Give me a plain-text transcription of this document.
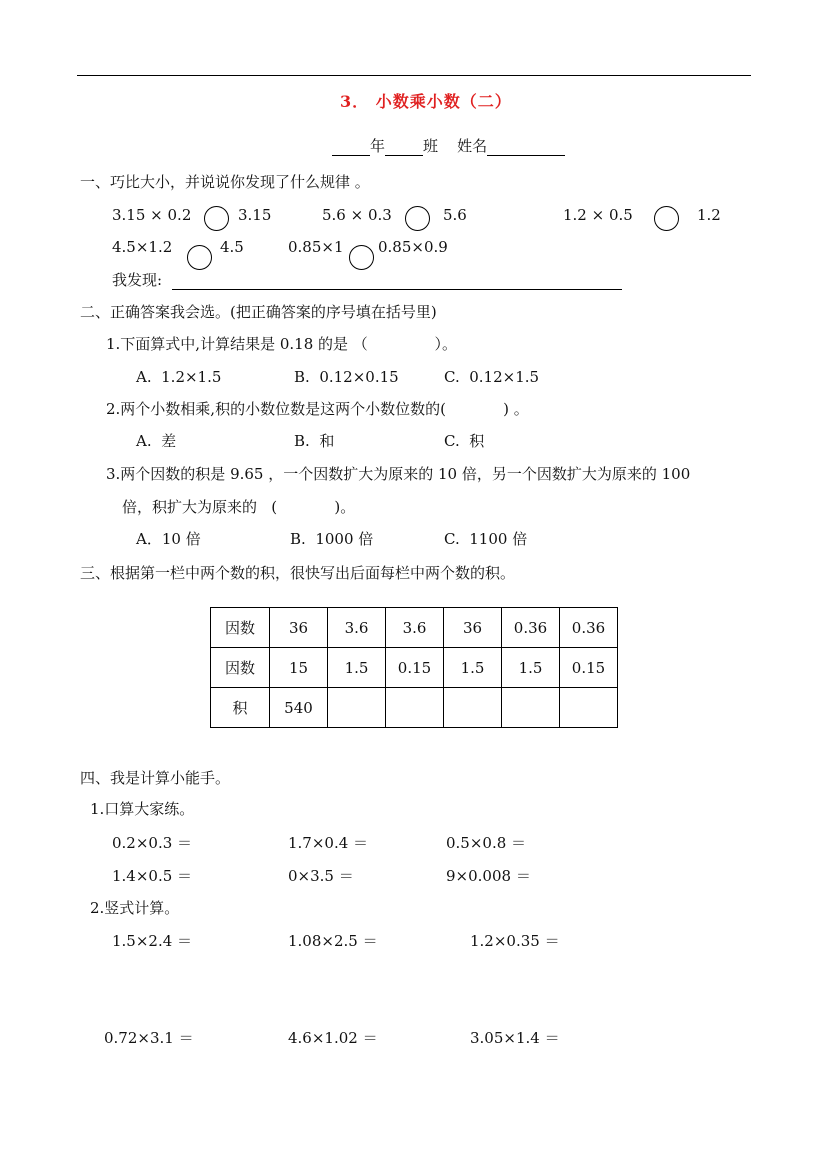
3． 小数乘小数（二）
年	班 姓名
一、巧比大小，并说说你发现了什么规律 。
3.15 × 0.2	3.15	5.6 × 0.3	5.6	1.2 × 0.5	1.2
4.5×1.2	4.5	0.85×1 0.85×0.9
我发现:
二、正确答案我会选。(把正确答案的序号填在括号里)
1.下面算式中,计算结果是 0.18 的是 （              ）。
A.  1.2×1.5	B.  0.12×0.15	C.  0.12×1.5
2.两个小数相乘,积的小数位数是这两个小数位数的(            ) 。
A.  差	B.  和	C.  积
3.两个因数的积是 9.65 ，一个因数扩大为原来的 10 倍，另一个因数扩大为原来的 100
倍，积扩大为原来的   (            )。
A．10 倍	B.  1000 倍	C.  1100 倍
三、根据第一栏中两个数的积，很快写出后面每栏中两个数的积。
因数	36	3.6	3.6	36	0.36	0.36
因数	15	1.5	0.15	1.5	1.5	0.15
积	540					
四、我是计算小能手。
1.口算大家练。
0.2×0.3 ＝	1.7×0.4 ＝	0.5×0.8 ＝
1.4×0.5 ＝	0×3.5 ＝	9×0.008 ＝
2.竖式计算。
1.5×2.4 ＝	1.08×2.5 ＝	1.2×0.35 ＝
0.72×3.1 ＝	4.6×1.02 ＝	3.05×1.4 ＝
